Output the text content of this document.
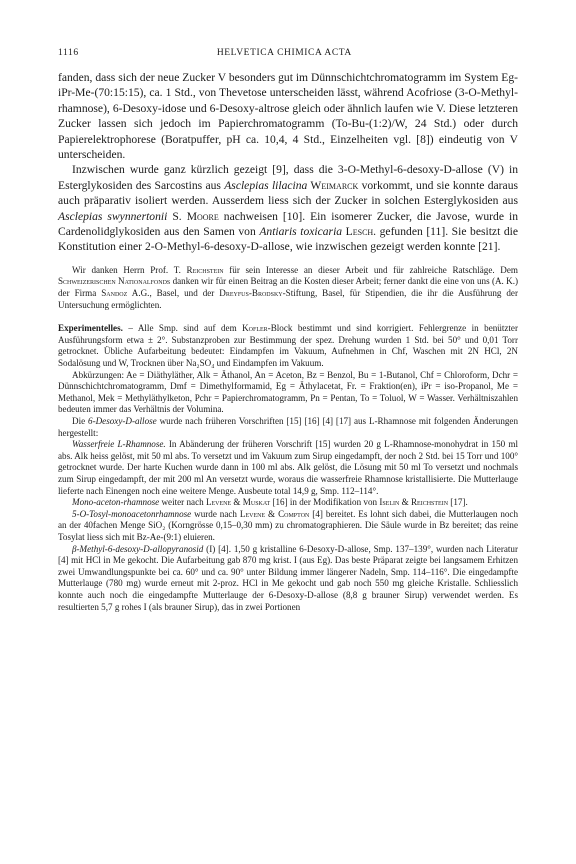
1116	HELVETICA CHIMICA ACTA

fanden, dass sich der neue Zucker V besonders gut im Dünnschichtchromatogramm im System Eg-iPr-Me-(70:15:15), ca. 1 Std., von Thevetose unterscheiden lässt, während Acofriose (3-O-Methyl-rhamnose), 6-Desoxy-idose und 6-Desoxy-altrose gleich oder ähnlich laufen wie V. Diese letzteren Zucker lassen sich jedoch im Papierchromatogramm (To-Bu-(1:2)/W, 24 Std.) oder durch Papierelektrophorese (Boratpuffer, pH ca. 10,4, 4 Std., Einzelheiten vgl. [8]) eindeutig von V unterscheiden.

Inzwischen wurde ganz kürzlich gezeigt [9], dass die 3-O-Methyl-6-desoxy-D-allose (V) in Esterglykosiden des Sarcostins aus Asclepias lilacina Weimarck vorkommt, und sie konnte daraus auch präparativ isoliert werden. Ausserdem liess sich der Zucker in solchen Esterglykosiden aus Asclepias swynnertonii S. Moore nachweisen [10]. Ein isomerer Zucker, die Javose, wurde in Cardenolidglykosiden aus den Samen von Antiaris toxicaria Lesch. gefunden [11]. Sie besitzt die Konstitution einer 2-O-Methyl-6-desoxy-D-allose, wie inzwischen gezeigt werden konnte [21].

Wir danken Herrn Prof. T. Reichstein für sein Interesse an dieser Arbeit und für zahlreiche Ratschläge. Dem Schweizerischen Nationalfonds danken wir für einen Beitrag an die Kosten dieser Arbeit; ferner dankt die eine von uns (A. K.) der Firma Sandoz A.G., Basel, und der Dreyfus-Brodsky-Stiftung, Basel, für Stipendien, die ihr die Ausführung der Untersuchung ermöglichten.

Experimentelles. – Alle Smp. sind auf dem Kofler-Block bestimmt und sind korrigiert. Fehlergrenze in benützter Ausführungsform etwa ± 2°. Substanzproben zur Bestimmung der spez. Drehung wurden 1 Std. bei 50° und 0,01 Torr getrocknet. Übliche Aufarbeitung bedeutet: Eindampfen im Vakuum, Aufnehmen in Chf, Waschen mit 2N HCl, 2N Sodalösung und W, Trocknen über Na₂SO₄ und Eindampfen im Vakuum.

Abkürzungen: Ae = Diäthyläther, Alk = Äthanol, An = Aceton, Bz = Benzol, Bu = 1-Butanol, Chf = Chloroform, Dchr = Dünnschichtchromatogramm, Dmf = Dimethylformamid, Eg = Äthylacetat, Fr. = Fraktion(en), iPr = iso-Propanol, Me = Methanol, Mek = Methyläthylketon, Pchr = Papierchromatogramm, Pn = Pentan, To = Toluol, W = Wasser. Verhältniszahlen bedeuten immer das Verhältnis der Volumina.

Die 6-Desoxy-D-allose wurde nach früheren Vorschriften [15] [16] [4] [17] aus L-Rhamnose mit folgenden Änderungen hergestellt:

Wasserfreie L-Rhamnose. In Abänderung der früheren Vorschrift [15] wurden 20 g L-Rhamnose-monohydrat in 150 ml abs. Alk heiss gelöst, mit 50 ml abs. To versetzt und im Vakuum zum Sirup eingedampft, der noch 2 Std. bei 15 Torr und 100° getrocknet wurde. Der harte Kuchen wurde dann in 100 ml abs. Alk gelöst, die Lösung mit 50 ml To versetzt und nochmals zum Sirup eingedampft, der mit 200 ml An versetzt wurde, woraus die wasserfreie Rhamnose kristallisierte. Die Mutterlauge lieferte nach Einengen noch eine weitere Menge. Ausbeute total 14,9 g, Smp. 112–114°.

Mono-aceton-rhamnose weiter nach Levene & Muskat [16] in der Modifikation von Iselin & Reichstein [17].

5-O-Tosyl-monoacetonrhamnose wurde nach Levene & Compton [4] bereitet. Es lohnt sich dabei, die Mutterlaugen noch an der 40fachen Menge SiO₂ (Korngrösse 0,15–0,30 mm) zu chromatographieren. Die Säule wurde in Bz bereitet; das reine Tosylat liess sich mit Bz-Ae-(9:1) eluieren.

β-Methyl-6-desoxy-D-allopyranosid (I) [4]. 1,50 g kristalline 6-Desoxy-D-allose, Smp. 137–139°, wurden nach Literatur [4] mit HCl in Me gekocht. Die Aufarbeitung gab 870 mg krist. I (aus Eg). Das beste Präparat zeigte bei langsamem Erhitzen zwei Umwandlungspunkte bei ca. 60° und ca. 90° unter Bildung immer längerer Nadeln, Smp. 114–116°. Die eingedampfte Mutterlauge (780 mg) wurde erneut mit 2-proz. HCl in Me gekocht und gab noch 550 mg gleiche Kristalle. Schliesslich konnte auch noch die eingedampfte Mutterlauge der 6-Desoxy-D-allose (8,8 g brauner Sirup) verwendet werden. Es resultierten 5,7 g rohes I (als brauner Sirup), das in zwei Portionen
